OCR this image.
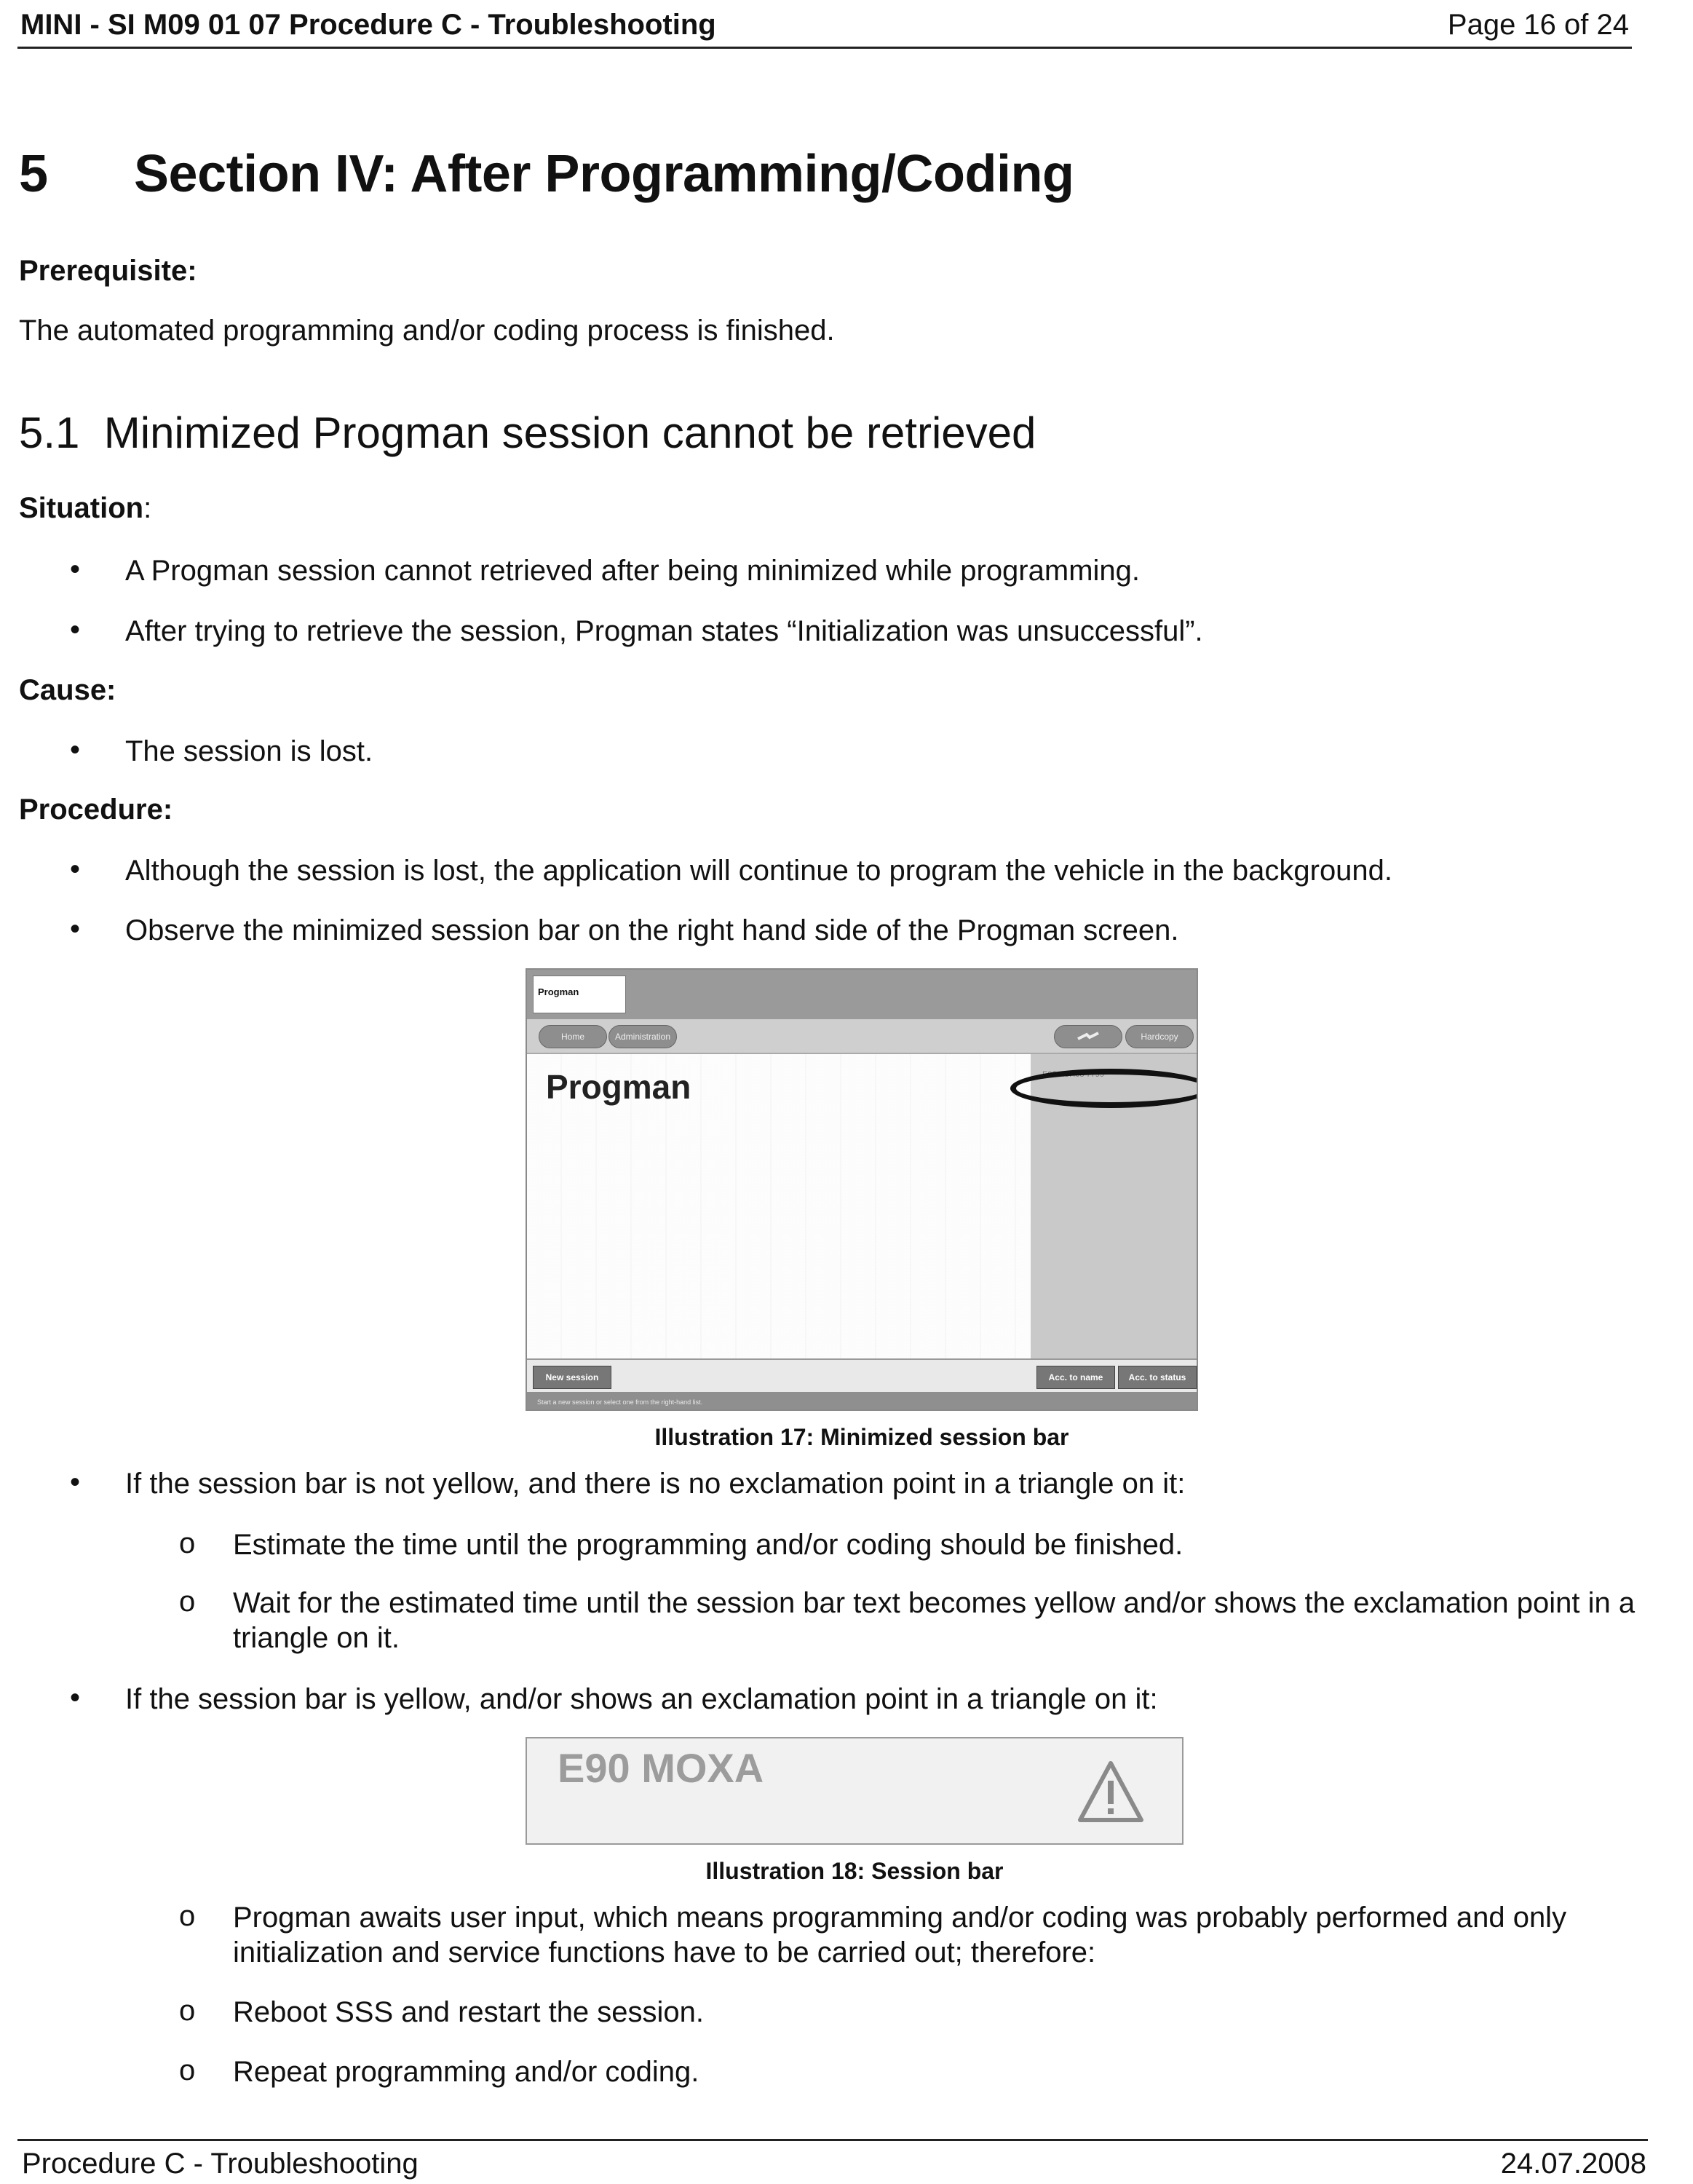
MINI - SI M09 01 07 Procedure C - Troubleshooting	Page 16 of 24
5 Section IV: After Programming/Coding
Prerequisite:
The automated programming and/or coding process is finished.
5.1 Minimized Progman session cannot be retrieved
Situation:
• A Progman session cannot retrieved after being minimized while programming.
• After trying to retrieve the session, Progman states “Initialization was unsuccessful”.
Cause:
• The session is lost.
Procedure:
• Although the session is lost, the application will continue to program the vehicle in the background.
• Observe the minimized session bar on the right hand side of the Progman screen.
Progman
Home	Administration	Hardcopy
Progman	E92 ACH08 7799
New session	Acc. to name	Acc. to status
Start a new session or select one from the right-hand list.
Illustration 17: Minimized session bar
• If the session bar is not yellow, and there is no exclamation point in a triangle on it:
o Estimate the time until the programming and/or coding should be finished.
o Wait for the estimated time until the session bar text becomes yellow and/or shows the exclamation point in a triangle on it.
• If the session bar is yellow, and/or shows an exclamation point in a triangle on it:
E90 MOXA
Illustration 18: Session bar
o Progman awaits user input, which means programming and/or coding was probably performed and only initialization and service functions have to be carried out; therefore:
o Reboot SSS and restart the session.
o Repeat programming and/or coding.
Procedure C - Troubleshooting	24.07.2008
